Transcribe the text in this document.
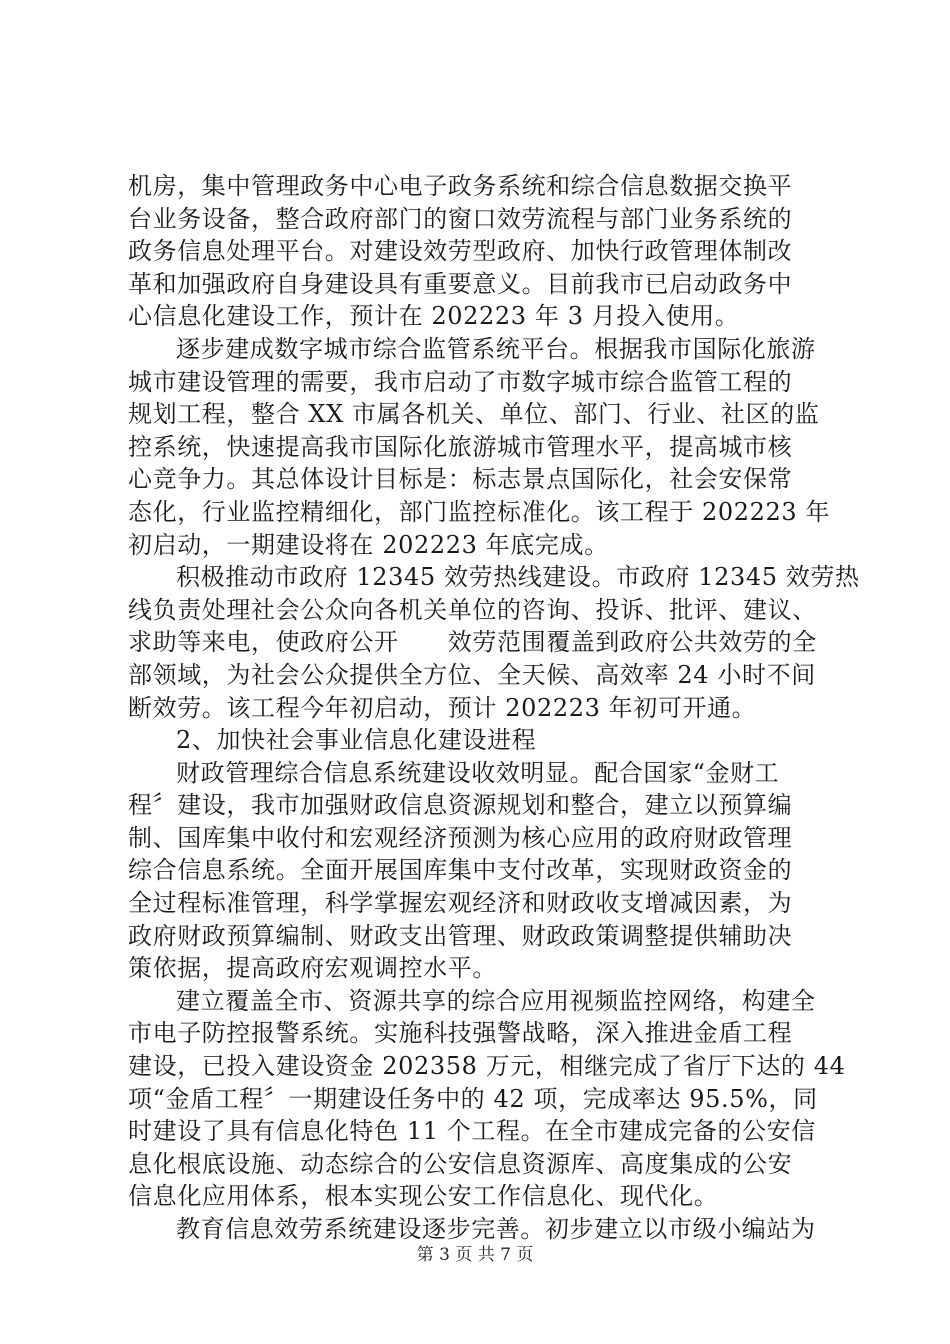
机房，集中管理政务中心电子政务系统和综合信息数据交换平
台业务设备，整合政府部门的窗口效劳流程与部门业务系统的
政务信息处理平台。对建设效劳型政府、加快行政管理体制改
革和加强政府自身建设具有重要意义。目前我市已启动政务中
心信息化建设工作，预计在 202223 年 3 月投入使用。
逐步建成数字城市综合监管系统平台。根据我市国际化旅游
城市建设管理的需要，我市启动了市数字城市综合监管工程的
规划工程，整合 XX 市属各机关、单位、部门、行业、社区的监
控系统，快速提高我市国际化旅游城市管理水平，提高城市核
心竞争力。其总体设计目标是：标志景点国际化，社会安保常
态化，行业监控精细化，部门监控标准化。该工程于 202223 年
初启动，一期建设将在 202223 年底完成。
积极推动市政府 12345 效劳热线建设。市政府 12345 效劳热
线负责处理社会公众向各机关单位的咨询、投诉、批评、建议、
求助等来电，使政府公开　　效劳范围覆盖到政府公共效劳的全
部领域，为社会公众提供全方位、全天候、高效率 24 小时不间
断效劳。该工程今年初启动，预计 202223 年初可开通。
2、加快社会事业信息化建设进程
财政管理综合信息系统建设收效明显。配合国家“金财工
程〞建设，我市加强财政信息资源规划和整合，建立以预算编
制、国库集中收付和宏观经济预测为核心应用的政府财政管理
综合信息系统。全面开展国库集中支付改革，实现财政资金的
全过程标准管理，科学掌握宏观经济和财政收支增减因素，为
政府财政预算编制、财政支出管理、财政政策调整提供辅助决
策依据，提高政府宏观调控水平。
建立覆盖全市、资源共享的综合应用视频监控网络，构建全
市电子防控报警系统。实施科技强警战略，深入推进金盾工程
建设，已投入建设资金 202358 万元，相继完成了省厅下达的 44
项“金盾工程〞一期建设任务中的 42 项，完成率达 95.5%，同
时建设了具有信息化特色 11 个工程。在全市建成完备的公安信
息化根底设施、动态综合的公安信息资源库、高度集成的公安
信息化应用体系，根本实现公安工作信息化、现代化。
教育信息效劳系统建设逐步完善。初步建立以市级小编站为
第 3 页 共 7 页
